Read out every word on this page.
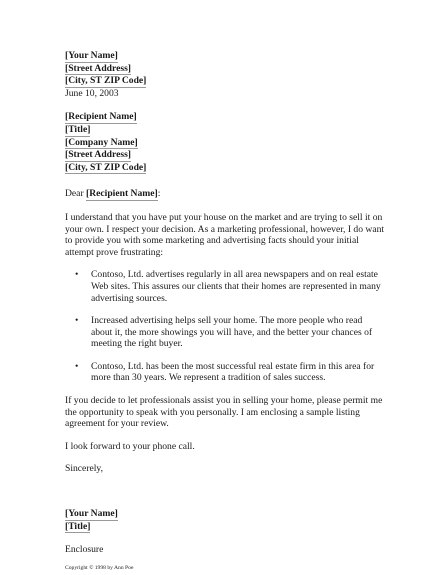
[Your Name]
[Street Address]
[City, ST ZIP Code]
June 10, 2003
[Recipient Name]
[Title]
[Company Name]
[Street Address]
[City, ST ZIP Code]
Dear [Recipient Name]:

I understand that you have put your house on the market and are trying to sell it on your own. I respect your decision. As a marketing professional, however, I do want to provide you with some marketing and advertising facts should your initial attempt prove frustrating:

• Contoso, Ltd. advertises regularly in all area newspapers and on real estate Web sites. This assures our clients that their homes are represented in many advertising sources.
• Increased advertising helps sell your home. The more people who read about it, the more showings you will have, and the better your chances of meeting the right buyer.
• Contoso, Ltd. has been the most successful real estate firm in this area for more than 30 years. We represent a tradition of sales success.

If you decide to let professionals assist you in selling your home, please permit me the opportunity to speak with you personally. I am enclosing a sample listing agreement for your review.

I look forward to your phone call.

Sincerely,

[Your Name]
[Title]
Enclosure
Copyright © 1998 by Ann Poe
